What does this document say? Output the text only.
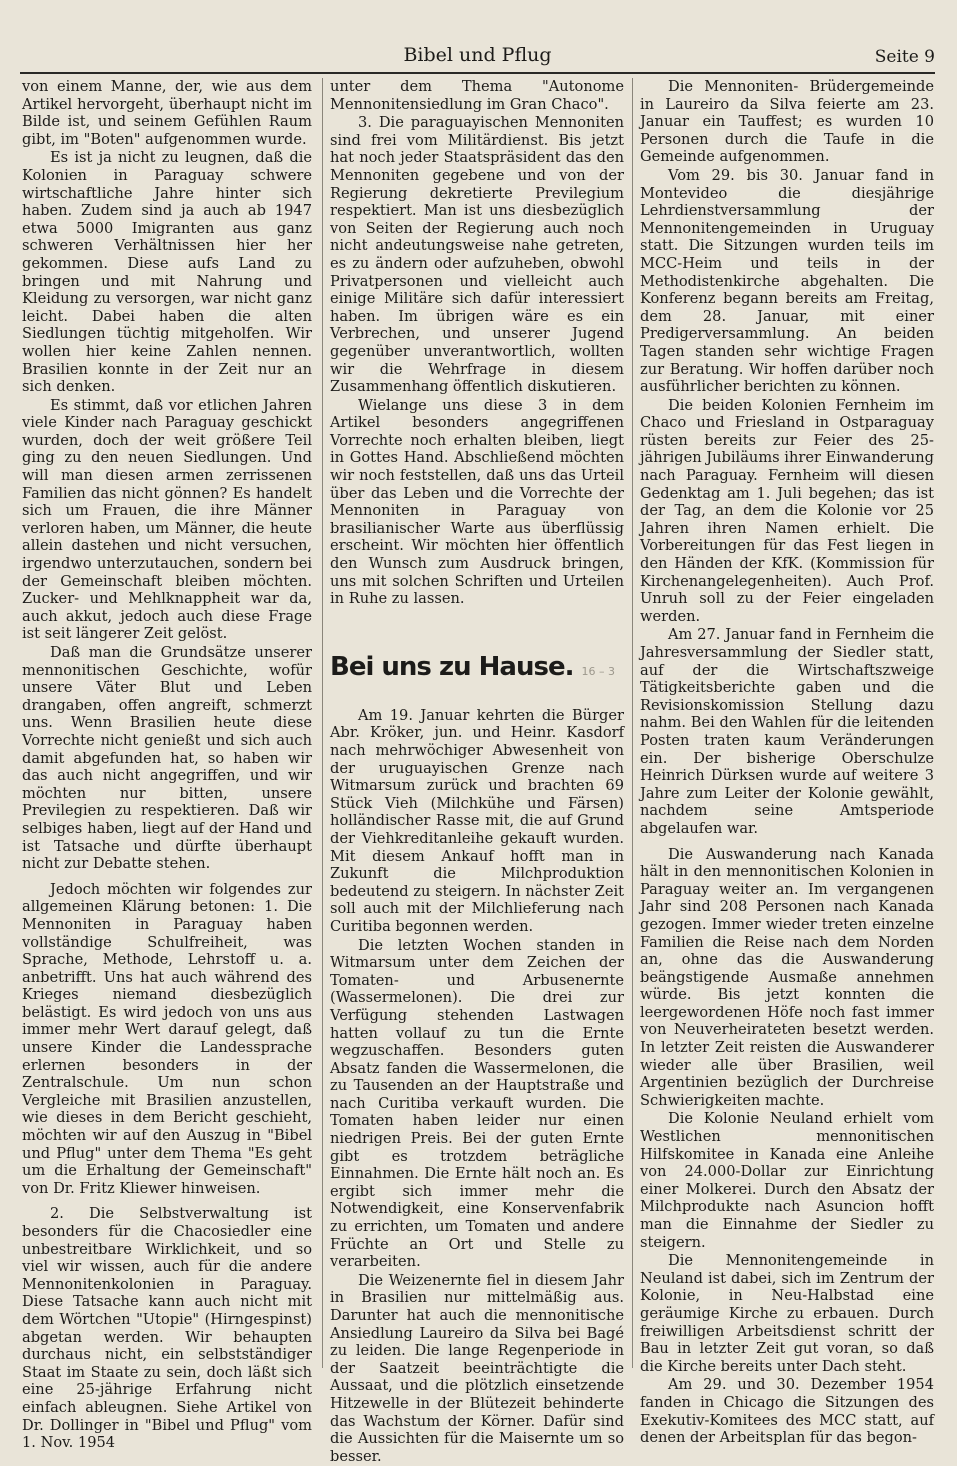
Bibel und Pflug	Seite 9

von einem Manne, der, wie aus dem Artikel hervorgeht, überhaupt nicht im Bilde ist, und seinem Gefühlen Raum gibt, im "Boten" aufgenommen wurde.

Es ist ja nicht zu leugnen, daß die Kolonien in Paraguay schwere wirtschaftliche Jahre hinter sich haben. Zudem sind ja auch ab 1947 etwa 5000 Imigranten aus ganz schweren Verhältnissen hier her gekommen. Diese aufs Land zu bringen und mit Nahrung und Kleidung zu versorgen, war nicht ganz leicht. Dabei haben die alten Siedlungen tüchtig mitgeholfen. Wir wollen hier keine Zahlen nennen. Brasilien konnte in der Zeit nur an sich denken.

Es stimmt, daß vor etlichen Jahren viele Kinder nach Paraguay geschickt wurden, doch der weit größere Teil ging zu den neuen Siedlungen. Und will man diesen armen zerrissenen Familien das nicht gönnen? Es handelt sich um Frauen, die ihre Männer verloren haben, um Männer, die heute allein dastehen und nicht versuchen, irgendwo unterzutauchen, sondern bei der Gemeinschaft bleiben möchten. Zucker- und Mehlknappheit war da, auch akkut, jedoch auch diese Frage ist seit längerer Zeit gelöst.

Daß man die Grundsätze unserer mennonitischen Geschichte, wofür unsere Väter Blut und Leben drangaben, offen angreift, schmerzt uns. Wenn Brasilien heute diese Vorrechte nicht genießt und sich auch damit abgefunden hat, so haben wir das auch nicht angegriffen, und wir möchten nur bitten, unsere Previlegien zu respektieren. Daß wir selbiges haben, liegt auf der Hand und ist Tatsache und dürfte überhaupt nicht zur Debatte stehen.

Jedoch möchten wir folgendes zur allgemeinen Klärung betonen: 1. Die Mennoniten in Paraguay haben vollständige Schulfreiheit, was Sprache, Methode, Lehrstoff u. a. anbetrifft. Uns hat auch während des Krieges niemand diesbezüglich belästigt. Es wird jedoch von uns aus immer mehr Wert darauf gelegt, daß unsere Kinder die Landessprache erlernen besonders in der Zentralschule. Um nun schon Vergleiche mit Brasilien anzustellen, wie dieses in dem Bericht geschieht, möchten wir auf den Auszug in "Bibel und Pflug" unter dem Thema "Es geht um die Erhaltung der Gemeinschaft" von Dr. Fritz Kliewer hinweisen.

2. Die Selbstverwaltung ist besonders für die Chacosiedler eine unbestreitbare Wirklichkeit, und so viel wir wissen, auch für die andere Mennonitenkolonien in Paraguay. Diese Tatsache kann auch nicht mit dem Wörtchen "Utopie" (Hirngespinst) abgetan werden. Wir behaupten durchaus nicht, ein selbstständiger Staat im Staate zu sein, doch läßt sich eine 25-jährige Erfahrung nicht einfach ableugnen. Siehe Artikel von Dr. Dollinger in "Bibel und Pflug" vom 1. Nov. 1954

unter dem Thema "Autonome Mennonitensiedlung im Gran Chaco".

3. Die paraguayischen Mennoniten sind frei vom Militärdienst. Bis jetzt hat noch jeder Staatspräsident das den Mennoniten gegebene und von der Regierung dekretierte Previlegium respektiert. Man ist uns diesbezüglich von Seiten der Regierung auch noch nicht andeutungsweise nahe getreten, es zu ändern oder aufzuheben, obwohl Privatpersonen und vielleicht auch einige Militäre sich dafür interessiert haben. Im übrigen wäre es ein Verbrechen, und unserer Jugend gegenüber unverantwortlich, wollten wir die Wehrfrage in diesem Zusammenhang öffentlich diskutieren.

Wielange uns diese 3 in dem Artikel besonders angegriffenen Vorrechte noch erhalten bleiben, liegt in Gottes Hand. Abschließend möchten wir noch feststellen, daß uns das Urteil über das Leben und die Vorrechte der Mennoniten in Paraguay von brasilianischer Warte aus überflüssig erscheint. Wir möchten hier öffentlich den Wunsch zum Ausdruck bringen, uns mit solchen Schriften und Urteilen in Ruhe zu lassen.

Bei uns zu Hause. 16 – 3

Am 19. Januar kehrten die Bürger Abr. Kröker, jun. und Heinr. Kasdorf nach mehrwöchiger Abwesenheit von der uruguayischen Grenze nach Witmarsum zurück und brachten 69 Stück Vieh (Milchkühe und Färsen) holländischer Rasse mit, die auf Grund der Viehkreditanleihe gekauft wurden. Mit diesem Ankauf hofft man in Zukunft die Milchproduktion bedeutend zu steigern. In nächster Zeit soll auch mit der Milchlieferung nach Curitiba begonnen werden.

Die letzten Wochen standen in Witmarsum unter dem Zeichen der Tomaten- und Arbusenernte (Wassermelonen). Die drei zur Verfügung stehenden Lastwagen hatten vollauf zu tun die Ernte wegzuschaffen. Besonders guten Absatz fanden die Wassermelonen, die zu Tausenden an der Hauptstraße und nach Curitiba verkauft wurden. Die Tomaten haben leider nur einen niedrigen Preis. Bei der guten Ernte gibt es trotzdem beträgliche Einnahmen. Die Ernte hält noch an. Es ergibt sich immer mehr die Notwendigkeit, eine Konservenfabrik zu errichten, um Tomaten und andere Früchte an Ort und Stelle zu verarbeiten.

Die Weizenernte fiel in diesem Jahr in Brasilien nur mittelmäßig aus. Darunter hat auch die mennonitische Ansiedlung Laureiro da Silva bei Bagé zu leiden. Die lange Regenperiode in der Saatzeit beeinträchtigte die Aussaat, und die plötzlich einsetzende Hitzewelle in der Blütezeit behinderte das Wachstum der Körner. Dafür sind die Aussichten für die Maisernte um so besser.

Die Mennoniten- Brüdergemeinde in Laureiro da Silva feierte am 23. Januar ein Tauffest; es wurden 10 Personen durch die Taufe in die Gemeinde aufgenommen.

Vom 29. bis 30. Januar fand in Montevideo die diesjährige Lehrdienstversammlung der Mennonitengemeinden in Uruguay statt. Die Sitzungen wurden teils im MCC-Heim und teils in der Methodistenkirche abgehalten. Die Konferenz begann bereits am Freitag, dem 28. Januar, mit einer Predigerversammlung. An beiden Tagen standen sehr wichtige Fragen zur Beratung. Wir hoffen darüber noch ausführlicher berichten zu können.

Die beiden Kolonien Fernheim im Chaco und Friesland in Ostparaguay rüsten bereits zur Feier des 25-jährigen Jubiläums ihrer Einwanderung nach Paraguay. Fernheim will diesen Gedenktag am 1. Juli begehen; das ist der Tag, an dem die Kolonie vor 25 Jahren ihren Namen erhielt. Die Vorbereitungen für das Fest liegen in den Händen der KfK. (Kommission für Kirchenangelegenheiten). Auch Prof. Unruh soll zu der Feier eingeladen werden.

Am 27. Januar fand in Fernheim die Jahresversammlung der Siedler statt, auf der die Wirtschaftszweige Tätigkeitsberichte gaben und die Revisionskomission Stellung dazu nahm. Bei den Wahlen für die leitenden Posten traten kaum Veränderungen ein. Der bisherige Oberschulze Heinrich Dürksen wurde auf weitere 3 Jahre zum Leiter der Kolonie gewählt, nachdem seine Amtsperiode abgelaufen war.

Die Auswanderung nach Kanada hält in den mennonitischen Kolonien in Paraguay weiter an. Im vergangenen Jahr sind 208 Personen nach Kanada gezogen. Immer wieder treten einzelne Familien die Reise nach dem Norden an, ohne das die Auswanderung beängstigende Ausmaße annehmen würde. Bis jetzt konnten die leergewordenen Höfe noch fast immer von Neuverheirateten besetzt werden. In letzter Zeit reisten die Auswanderer wieder alle über Brasilien, weil Argentinien bezüglich der Durchreise Schwierigkeiten machte.

Die Kolonie Neuland erhielt vom Westlichen mennonitischen Hilfskomitee in Kanada eine Anleihe von 24.000-Dollar zur Einrichtung einer Molkerei. Durch den Absatz der Milchprodukte nach Asuncion hofft man die Einnahme der Siedler zu steigern.

Die Mennonitengemeinde in Neuland ist dabei, sich im Zentrum der Kolonie, in Neu-Halbstad eine geräumige Kirche zu erbauen. Durch freiwilligen Arbeitsdienst schritt der Bau in letzter Zeit gut voran, so daß die Kirche bereits unter Dach steht.

Am 29. und 30. Dezember 1954 fanden in Chicago die Sitzungen des Exekutiv-Komitees des MCC statt, auf denen der Arbeitsplan für das begon-
